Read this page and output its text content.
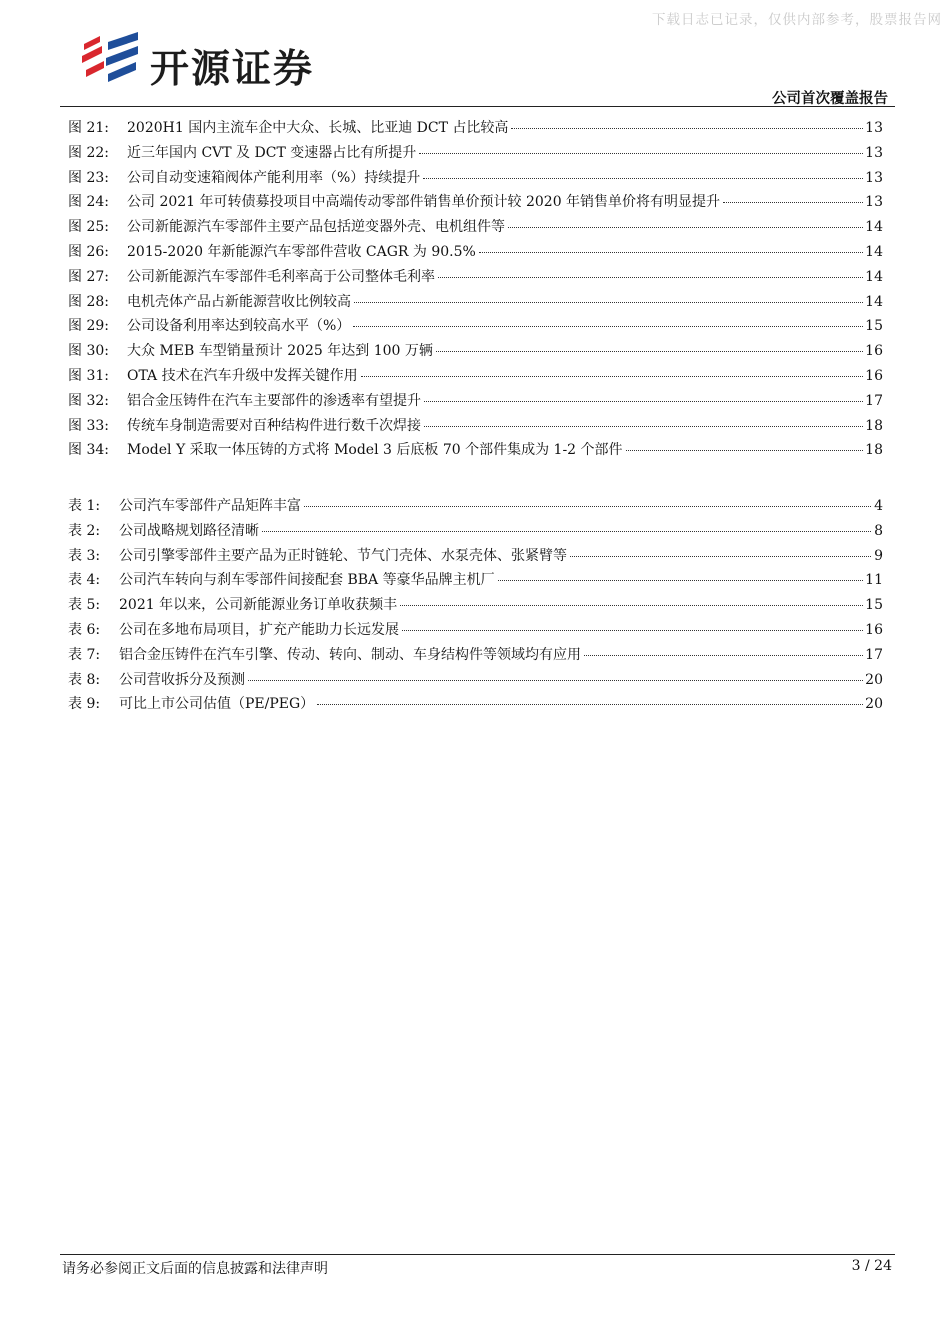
下载日志已记录，仅供内部参考，股票报告网
开源证券
公司首次覆盖报告
图 21:	2020H1 国内主流车企中大众、长城、比亚迪 DCT 占比较高	13
图 22:	近三年国内 CVT 及 DCT 变速器占比有所提升	13
图 23:	公司自动变速箱阀体产能利用率（%）持续提升	13
图 24:	公司 2021 年可转债募投项目中高端传动零部件销售单价预计较 2020 年销售单价将有明显提升	13
图 25:	公司新能源汽车零部件主要产品包括逆变器外壳、电机组件等	14
图 26:	2015-2020 年新能源汽车零部件营收 CAGR 为 90.5%	14
图 27:	公司新能源汽车零部件毛利率高于公司整体毛利率	14
图 28:	电机壳体产品占新能源营收比例较高	14
图 29:	公司设备利用率达到较高水平（%）	15
图 30:	大众 MEB 车型销量预计 2025 年达到 100 万辆	16
图 31:	OTA 技术在汽车升级中发挥关键作用	16
图 32:	铝合金压铸件在汽车主要部件的渗透率有望提升	17
图 33:	传统车身制造需要对百种结构件进行数千次焊接	18
图 34:	Model Y 采取一体压铸的方式将 Model 3 后底板 70 个部件集成为 1-2 个部件	18
表 1:	公司汽车零部件产品矩阵丰富	4
表 2:	公司战略规划路径清晰	8
表 3:	公司引擎零部件主要产品为正时链轮、节气门壳体、水泵壳体、张紧臂等	9
表 4:	公司汽车转向与刹车零部件间接配套 BBA 等豪华品牌主机厂	11
表 5:	2021 年以来，公司新能源业务订单收获频丰	15
表 6:	公司在多地布局项目，扩充产能助力长远发展	16
表 7:	铝合金压铸件在汽车引擎、传动、转向、制动、车身结构件等领域均有应用	17
表 8:	公司营收拆分及预测	20
表 9:	可比上市公司估值（PE/PEG）	20
请务必参阅正文后面的信息披露和法律声明	3 / 24
